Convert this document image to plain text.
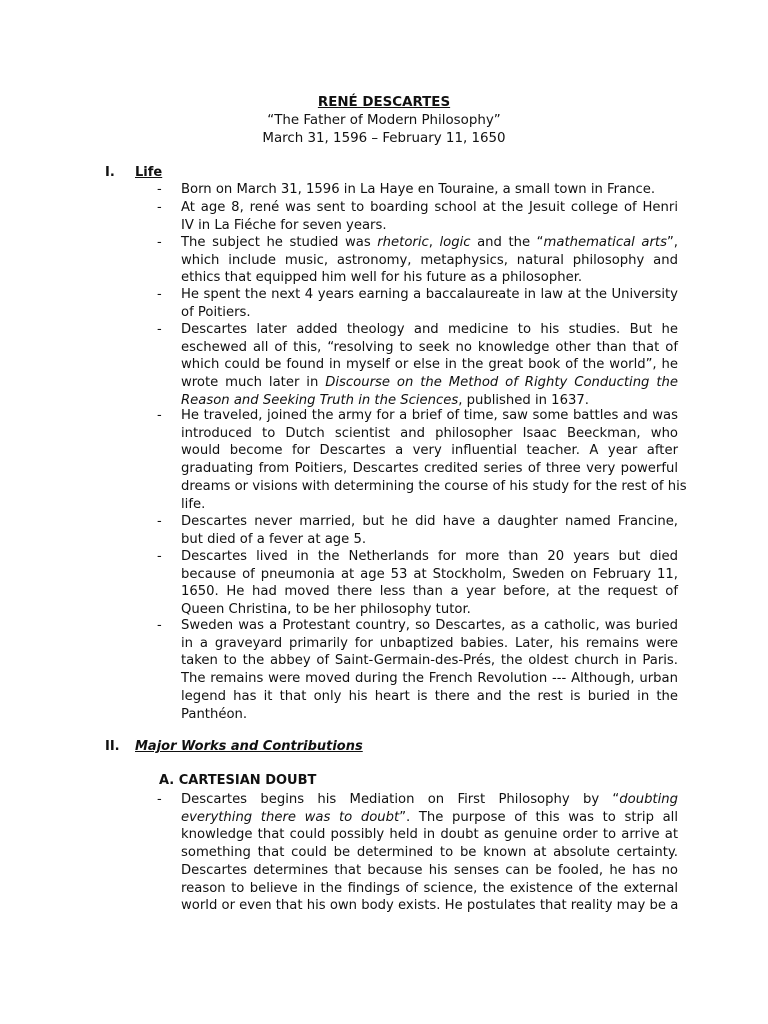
RENÉ DESCARTES
“The Father of Modern Philosophy”
March 31, 1596 – February 11, 1650
I. Life
- Born on March 31, 1596 in La Haye en Touraine, a small town in France.
- At age 8, rené was sent to boarding school at the Jesuit college of Henri
IV in La Fiéche for seven years.
- The subject he studied was rhetoric, logic and the “mathematical arts”,
which include music, astronomy, metaphysics, natural philosophy and
ethics that equipped him well for his future as a philosopher.
- He spent the next 4 years earning a baccalaureate in law at the University
of Poitiers.
- Descartes later added theology and medicine to his studies. But he
eschewed all of this, “resolving to seek no knowledge other than that of
which could be found in myself or else in the great book of the world”, he
wrote much later in Discourse on the Method of Righty Conducting the
Reason and Seeking Truth in the Sciences, published in 1637.
- He traveled, joined the army for a brief of time, saw some battles and was
introduced to Dutch scientist and philosopher Isaac Beeckman, who
would become for Descartes a very influential teacher. A year after
graduating from Poitiers, Descartes credited series of three very powerful
dreams or visions with determining the course of his study for the rest of his
life.
- Descartes never married, but he did have a daughter named Francine,
but died of a fever at age 5.
- Descartes lived in the Netherlands for more than 20 years but died
because of pneumonia at age 53 at Stockholm, Sweden on February 11,
1650. He had moved there less than a year before, at the request of
Queen Christina, to be her philosophy tutor.
- Sweden was a Protestant country, so Descartes, as a catholic, was buried
in a graveyard primarily for unbaptized babies. Later, his remains were
taken to the abbey of Saint-Germain-des-Prés, the oldest church in Paris.
The remains were moved during the French Revolution --- Although, urban
legend has it that only his heart is there and the rest is buried in the
Panthéon.
II. Major Works and Contributions
A. CARTESIAN DOUBT
- Descartes begins his Mediation on First Philosophy by “doubting
everything there was to doubt”. The purpose of this was to strip all
knowledge that could possibly held in doubt as genuine order to arrive at
something that could be determined to be known at absolute certainty.
Descartes determines that because his senses can be fooled, he has no
reason to believe in the findings of science, the existence of the external
world or even that his own body exists. He postulates that reality may be a
